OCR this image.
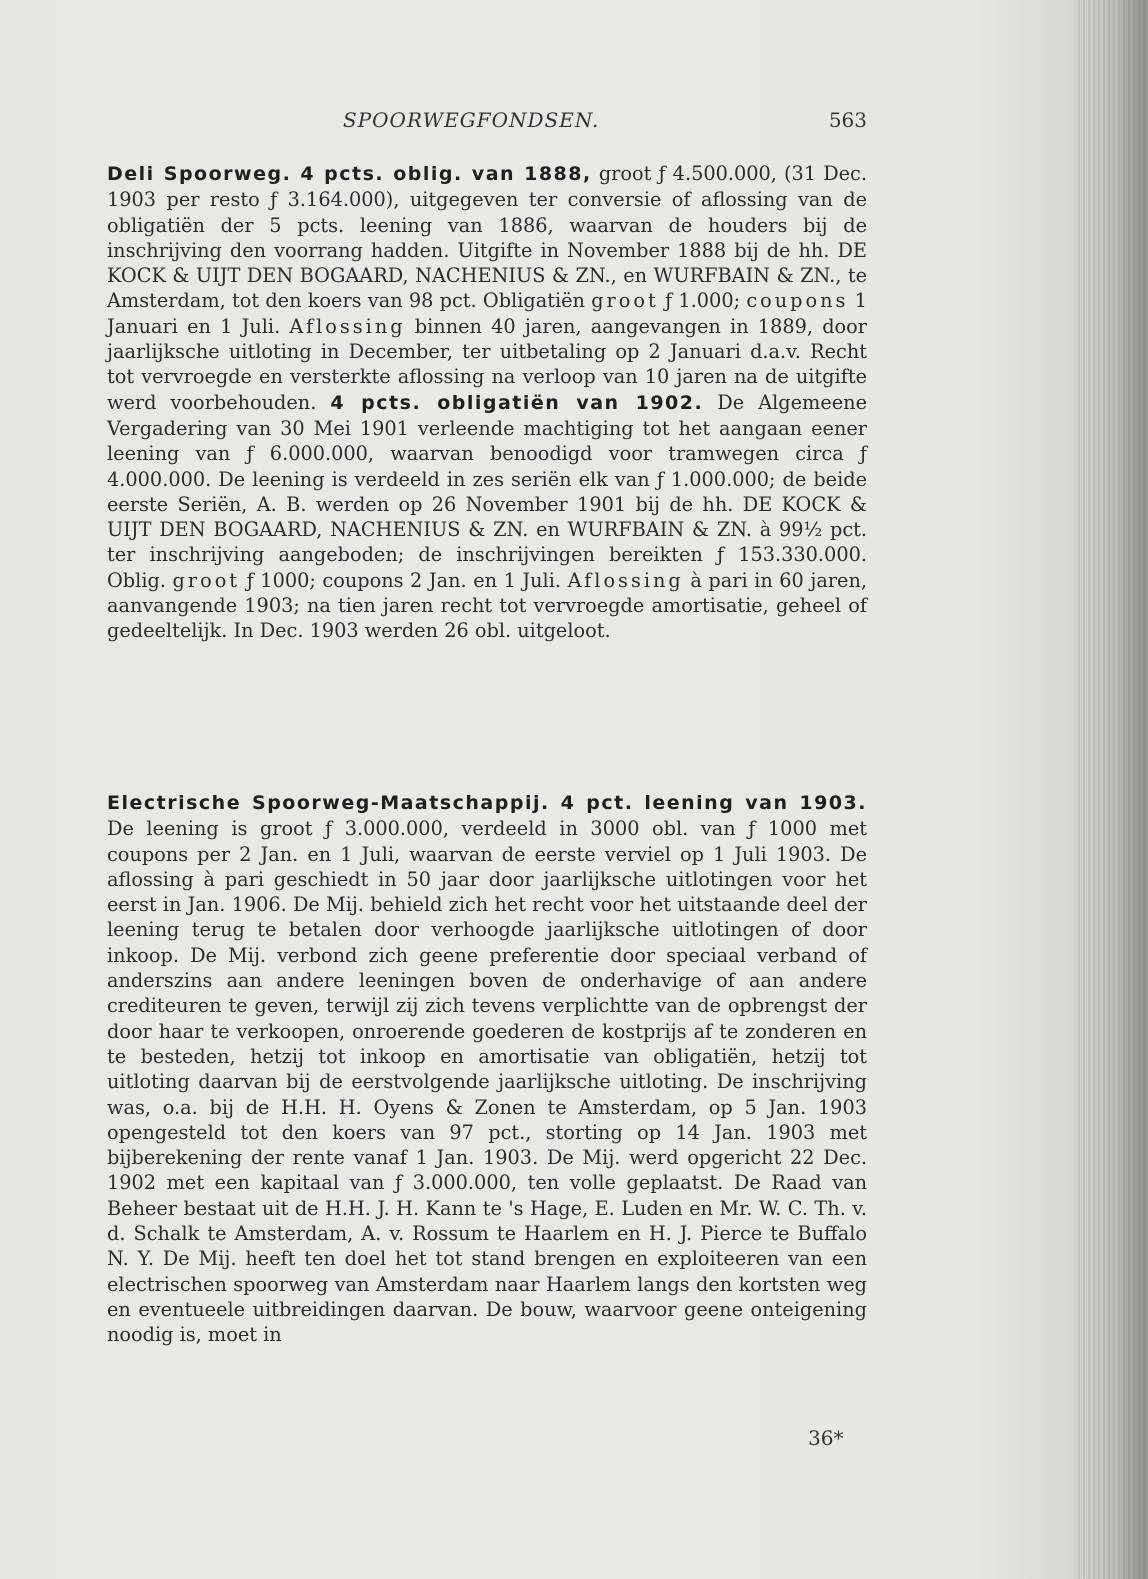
SPOORWEGFONDSEN.	563
Deli Spoorweg. 4 pcts. oblig. van 1888, groot ƒ 4.500.000, (31 Dec. 1903 per resto ƒ 3.164.000), uitgegeven ter conversie of aflossing van de obligatiën der 5 pcts. leening van 1886, waarvan de houders bij de inschrijving den voorrang hadden. Uitgifte in November 1888 bij de hh. DE KOCK & UIJT DEN BOGAARD, NACHENIUS & ZN., en WURFBAIN & ZN., te Amsterdam, tot den koers van 98 pct. Obligatiën groot ƒ 1.000; coupons 1 Januari en 1 Juli. Aflossing binnen 40 jaren, aangevangen in 1889, door jaarlijksche uitloting in December, ter uitbetaling op 2 Januari d.a.v. Recht tot vervroegde en versterkte aflossing na verloop van 10 jaren na de uitgifte werd voorbehouden. 4 pcts. obligatiën van 1902. De Algemeene Vergadering van 30 Mei 1901 verleende machtiging tot het aangaan eener leening van ƒ 6.000.000, waarvan benoodigd voor tramwegen circa ƒ 4.000.000. De leening is verdeeld in zes seriën elk van ƒ 1.000.000; de beide eerste Seriën, A. B. werden op 26 November 1901 bij de hh. DE KOCK & UIJT DEN BOGAARD, NACHENIUS & ZN. en WURFBAIN & ZN. à 99½ pct. ter inschrijving aangeboden; de inschrijvingen bereikten ƒ 153.330.000. Oblig. groot ƒ 1000; coupons 2 Jan. en 1 Juli. Aflossing à pari in 60 jaren, aanvangende 1903; na tien jaren recht tot vervroegde amortisatie, geheel of gedeeltelijk. In Dec. 1903 werden 26 obl. uitgeloot.
Electrische Spoorweg-Maatschappij. 4 pct. leening van 1903. De leening is groot ƒ 3.000.000, verdeeld in 3000 obl. van ƒ 1000 met coupons per 2 Jan. en 1 Juli, waarvan de eerste verviel op 1 Juli 1903. De aflossing à pari geschiedt in 50 jaar door jaarlijksche uitlotingen voor het eerst in Jan. 1906. De Mij. behield zich het recht voor het uitstaande deel der leening terug te betalen door verhoogde jaarlijksche uitlotingen of door inkoop. De Mij. verbond zich geene preferentie door speciaal verband of anderszins aan andere leeningen boven de onderhavige of aan andere crediteuren te geven, terwijl zij zich tevens verplichtte van de opbrengst der door haar te verkoopen, onroerende goederen de kostprijs af te zonderen en te besteden, hetzij tot inkoop en amortisatie van obligatiën, hetzij tot uitloting daarvan bij de eerstvolgende jaarlijksche uitloting. De inschrijving was, o.a. bij de H.H. H. Oyens & Zonen te Amsterdam, op 5 Jan. 1903 opengesteld tot den koers van 97 pct., storting op 14 Jan. 1903 met bijberekening der rente vanaf 1 Jan. 1903. De Mij. werd opgericht 22 Dec. 1902 met een kapitaal van ƒ 3.000.000, ten volle geplaatst. De Raad van Beheer bestaat uit de H.H. J. H. Kann te 's Hage, E. Luden en Mr. W. C. Th. v. d. Schalk te Amsterdam, A. v. Rossum te Haarlem en H. J. Pierce te Buffalo N. Y. De Mij. heeft ten doel het tot stand brengen en exploiteeren van een electrischen spoorweg van Amsterdam naar Haarlem langs den kortsten weg en eventueele uitbreidingen daarvan. De bouw, waarvoor geene onteigening noodig is, moet in
36*
